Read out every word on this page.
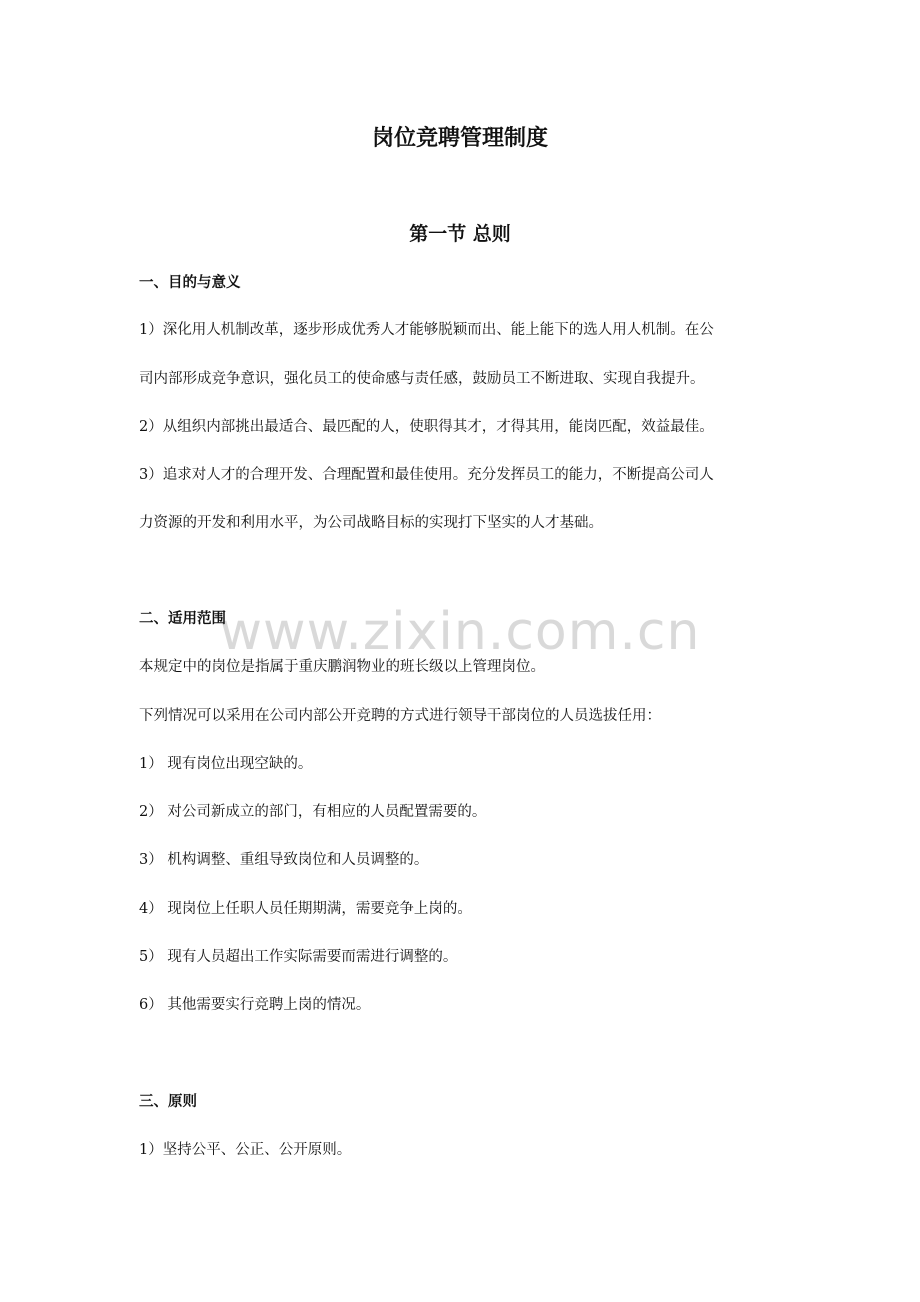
www.zixin.com.cn
岗位竞聘管理制度
第一节 总则
一、目的与意义

1）深化用人机制改革，逐步形成优秀人才能够脱颖而出、能上能下的选人用人机制。在公

司内部形成竞争意识，强化员工的使命感与责任感，鼓励员工不断进取、实现自我提升。

2）从组织内部挑出最适合、最匹配的人，使职得其才，才得其用，能岗匹配，效益最佳。

3）追求对人才的合理开发、合理配置和最佳使用。充分发挥员工的能力，不断提高公司人

力资源的开发和利用水平，为公司战略目标的实现打下坚实的人才基础。

二、适用范围

本规定中的岗位是指属于重庆鹏润物业的班长级以上管理岗位。

下列情况可以采用在公司内部公开竞聘的方式进行领导干部岗位的人员选拔任用：

1） 现有岗位出现空缺的。

2） 对公司新成立的部门，有相应的人员配置需要的。

3） 机构调整、重组导致岗位和人员调整的。

4） 现岗位上任职人员任期期满，需要竞争上岗的。

5） 现有人员超出工作实际需要而需进行调整的。

6） 其他需要实行竞聘上岗的情况。

三、原则

1）坚持公平、公正、公开原则。
